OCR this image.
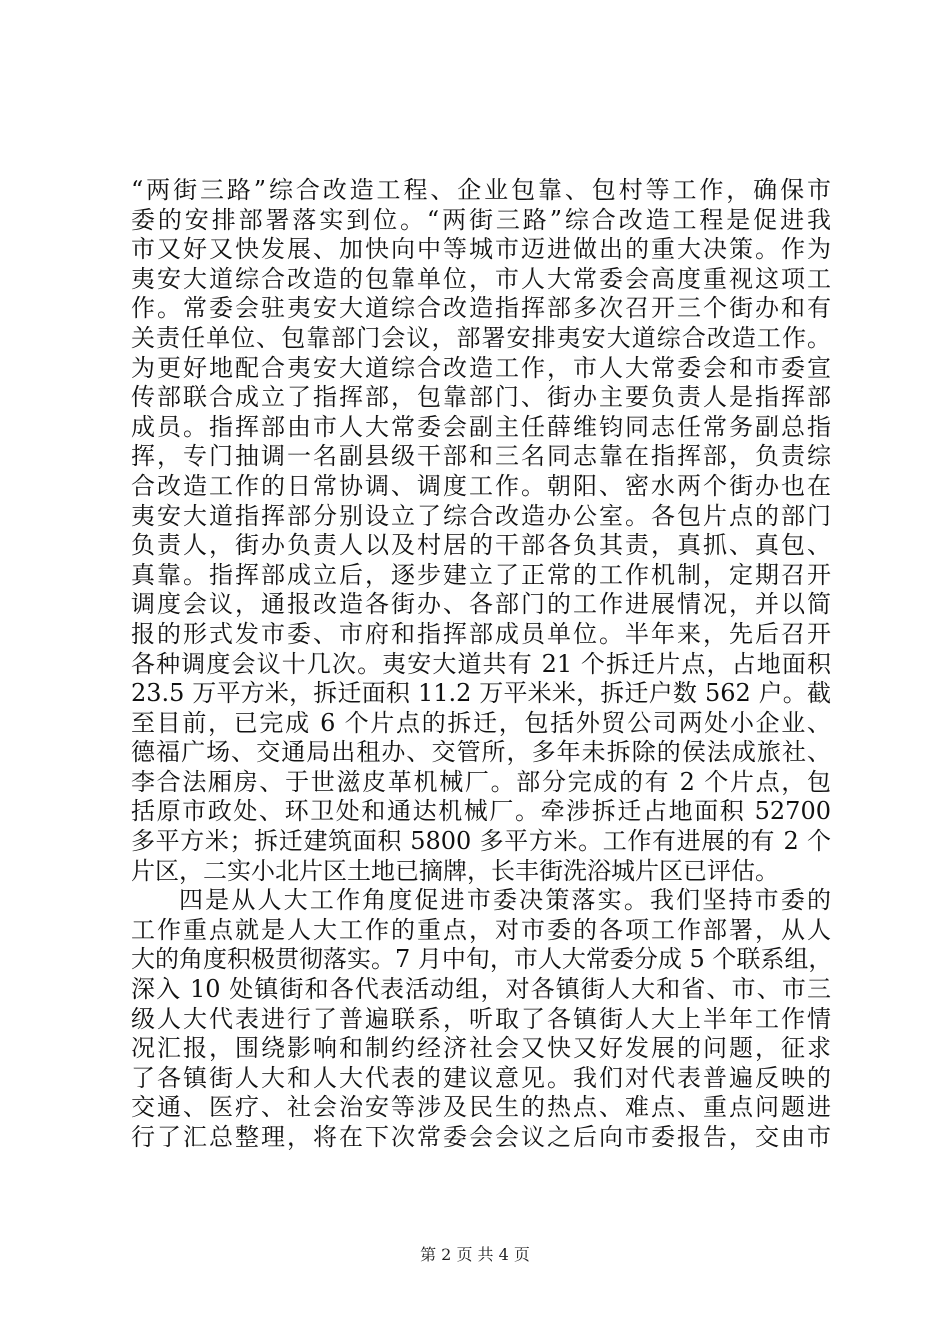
“两街三路”综合改造工程、企业包靠、包村等工作，确保市
委的安排部署落实到位。“两街三路”综合改造工程是促进我
市又好又快发展、加快向中等城市迈进做出的重大决策。作为
夷安大道综合改造的包靠单位，市人大常委会高度重视这项工
作。常委会驻夷安大道综合改造指挥部多次召开三个街办和有
关责任单位、包靠部门会议，部署安排夷安大道综合改造工作。
为更好地配合夷安大道综合改造工作，市人大常委会和市委宣
传部联合成立了指挥部，包靠部门、街办主要负责人是指挥部
成员。指挥部由市人大常委会副主任薛维钧同志任常务副总指
挥，专门抽调一名副县级干部和三名同志靠在指挥部，负责综
合改造工作的日常协调、调度工作。朝阳、密水两个街办也在
夷安大道指挥部分别设立了综合改造办公室。各包片点的部门
负责人，街办负责人以及村居的干部各负其责，真抓、真包、
真靠。指挥部成立后，逐步建立了正常的工作机制，定期召开
调度会议，通报改造各街办、各部门的工作进展情况，并以简
报的形式发市委、市府和指挥部成员单位。半年来，先后召开
各种调度会议十几次。夷安大道共有 21 个拆迁片点，占地面积
23.5 万平方米，拆迁面积 11.2 万平米米，拆迁户数 562 户。截
至目前，已完成 6 个片点的拆迁，包括外贸公司两处小企业、
德福广场、交通局出租办、交管所，多年未拆除的侯法成旅社、
李合法厢房、于世滋皮革机械厂。部分完成的有 2 个片点，包
括原市政处、环卫处和通达机械厂。牵涉拆迁占地面积 52700
多平方米；拆迁建筑面积 5800 多平方米。工作有进展的有 2 个
片区，二实小北片区土地已摘牌，长丰街洗浴城片区已评估。
四是从人大工作角度促进市委决策落实。我们坚持市委的
工作重点就是人大工作的重点，对市委的各项工作部署，从人
大的角度积极贯彻落实。7 月中旬，市人大常委分成 5 个联系组，
深入 10 处镇街和各代表活动组，对各镇街人大和省、市、市三
级人大代表进行了普遍联系，听取了各镇街人大上半年工作情
况汇报，围绕影响和制约经济社会又快又好发展的问题，征求
了各镇街人大和人大代表的建议意见。我们对代表普遍反映的
交通、医疗、社会治安等涉及民生的热点、难点、重点问题进
行了汇总整理，将在下次常委会会议之后向市委报告，交由市
第 2 页 共 4 页
